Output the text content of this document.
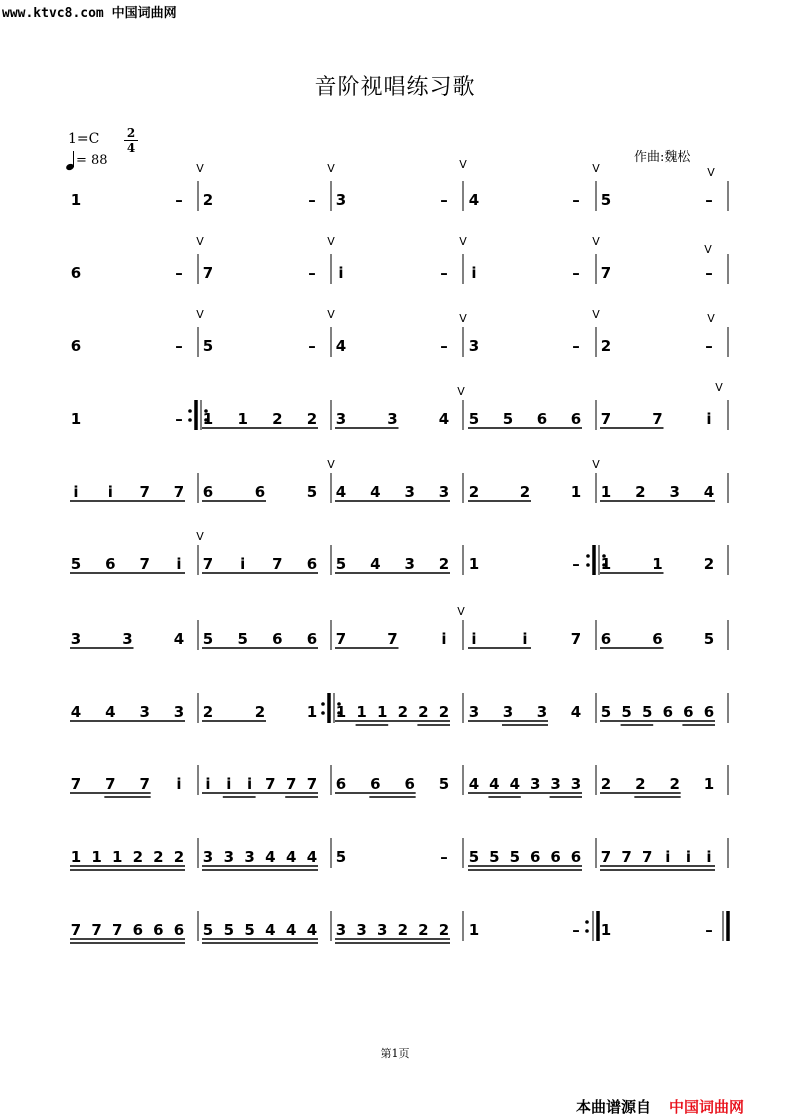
www.ktvc8.com 中国词曲网
音阶视唱练习歌
1=C 2
4
= 88	作曲:魏松
V	V	V	V	V
V	V	V	V
V
V	V	V	V	V
V	V
V	V
V
V
1	– 2	– 3	– 4	– 5	–
6	– 7	– i	– i	– 7	–
6	– 5	– 4	– 3	– 2	–
1	– 1 1 2 2 3	3	4 5 5 6 6 7	7	i
i i 7 7 6	6	5 4 4 3 3 2	2	1 1 2 3 4
5 6 7 i 7 i 7 6 5 4 3 2 1	– 1	1	2
3	3	4 5 5 6 6 7	7	i i	i	7 6	6	5
4 4 3 3 2	2	1 1 1 1 2 2 2 3 3 3 4 5 5 5 6 6 6
7 7 7 i i i i 7 7 7 6 6 6 5 4 4 4 3 3 3 2 2 2 1
1 1 1 2 2 2 3 3 3 4 4 4 5	– 5 5 5 6 6 6 7 7 7 i i i
7 7 7 6 6 6 5 5 5 4 4 4 3 3 3 2 2 2 1	– 1	–
第1页
本曲谱源自 中国词曲网
